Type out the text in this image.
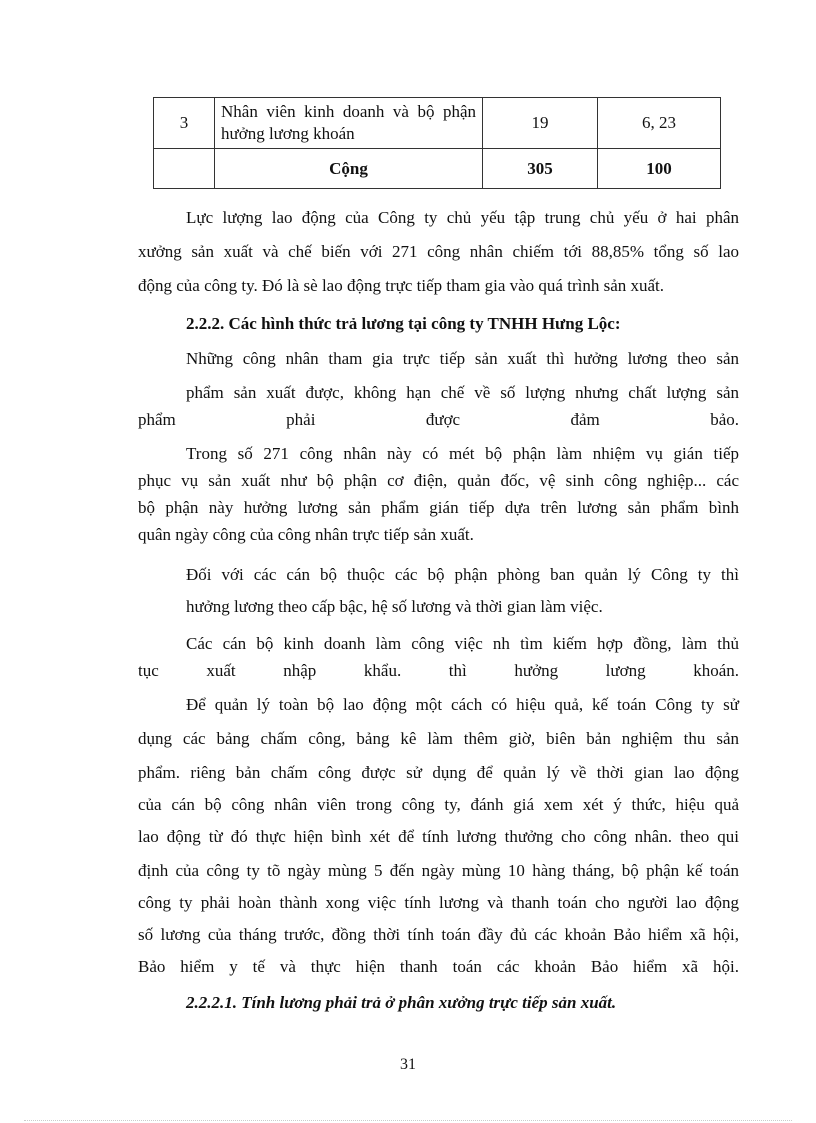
3	Nhân viên kinh doanh và bộ phận hưởng lương khoán	19	6, 23
	Cộng	305	100
Lực lượng lao động của Công ty chủ yếu tập trung chủ yếu ở hai phân
xưởng sản xuất và chế biến với 271 công nhân chiếm tới 88,85% tổng số lao
động của công ty. Đó là sè lao động trực tiếp tham gia vào quá trình sản xuất.
2.2.2. Các hình thức trả lương tại công ty TNHH Hưng Lộc:
Những công nhân tham gia trực tiếp sản xuất thì hưởng lương theo sản
phẩm sản xuất được, không hạn chế về số lượng nhưng chất lượng sản
phẩm phải được đảm bảo.
Trong số 271 công nhân này có mét bộ phận làm nhiệm vụ gián tiếp
phục vụ sản xuất như bộ phận cơ điện, quản đốc, vệ sinh công nghiệp... các
bộ phận này hưởng lương sản phẩm gián tiếp dựa trên lương sản phẩm bình
quân ngày công của công nhân trực tiếp sản xuất.
Đối với các cán bộ thuộc các bộ phận phòng ban quản lý Công ty thì
hưởng lương theo cấp bậc, hệ số lương và thời gian làm việc.
Các cán bộ kinh doanh làm công việc nh tìm kiếm hợp đồng, làm thủ
tục xuất nhập khẩu. thì hưởng lương khoán.
Để quản lý toàn bộ lao động một cách có hiệu quả, kế toán Công ty sử
dụng các bảng chấm công, bảng kê làm thêm giờ, biên bản nghiệm thu sản
phẩm. riêng bản chấm công được sử dụng để quản lý về thời gian lao động
của cán bộ công nhân viên trong công ty, đánh giá xem xét ý thức, hiệu quả
lao động từ đó thực hiện bình xét để tính lương thưởng cho công nhân. theo qui
định của công ty tõ ngày mùng 5 đến ngày mùng 10 hàng tháng, bộ phận kế toán
công ty phải hoàn thành xong việc tính lương và thanh toán cho người lao động
số lương của tháng trước, đồng thời tính toán đầy đủ các khoản Bảo hiểm xã hội,
Bảo hiểm y tế và thực hiện thanh toán các khoản Bảo hiểm xã hội.
2.2.2.1. Tính lương phải trả ở phân xưởng trực tiếp sản xuất.
31
